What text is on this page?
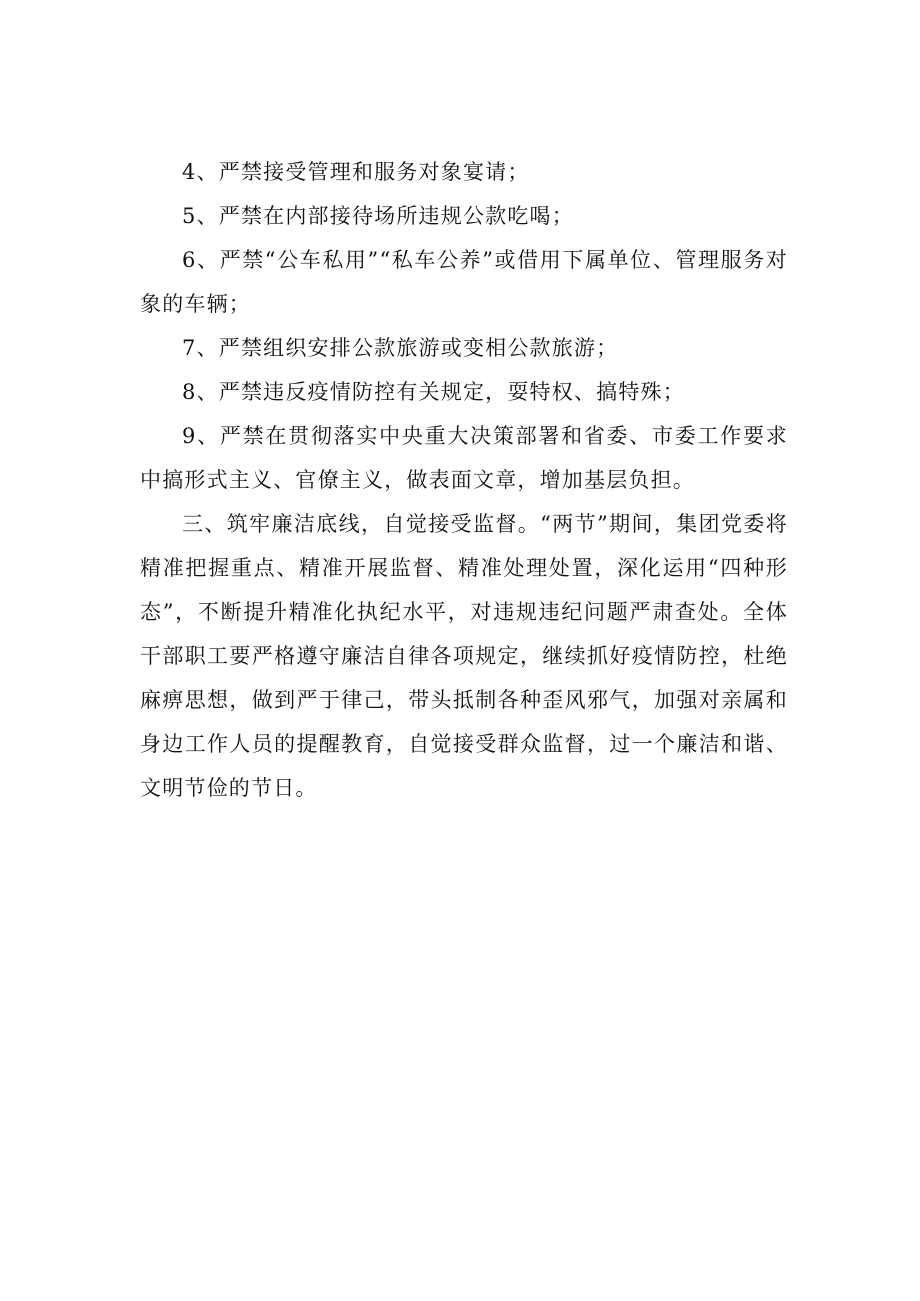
4、严禁接受管理和服务对象宴请；

5、严禁在内部接待场所违规公款吃喝；

6、严禁“公车私用”“私车公养”或借用下属单位、管理服务对象的车辆；

7、严禁组织安排公款旅游或变相公款旅游；

8、严禁违反疫情防控有关规定，耍特权、搞特殊；

9、严禁在贯彻落实中央重大决策部署和省委、市委工作要求中搞形式主义、官僚主义，做表面文章，增加基层负担。

三、筑牢廉洁底线，自觉接受监督。“两节”期间，集团党委将精准把握重点、精准开展监督、精准处理处置，深化运用“四种形态”，不断提升精准化执纪水平，对违规违纪问题严肃查处。全体干部职工要严格遵守廉洁自律各项规定，继续抓好疫情防控，杜绝麻痹思想，做到严于律己，带头抵制各种歪风邪气，加强对亲属和身边工作人员的提醒教育，自觉接受群众监督，过一个廉洁和谐、文明节俭的节日。
